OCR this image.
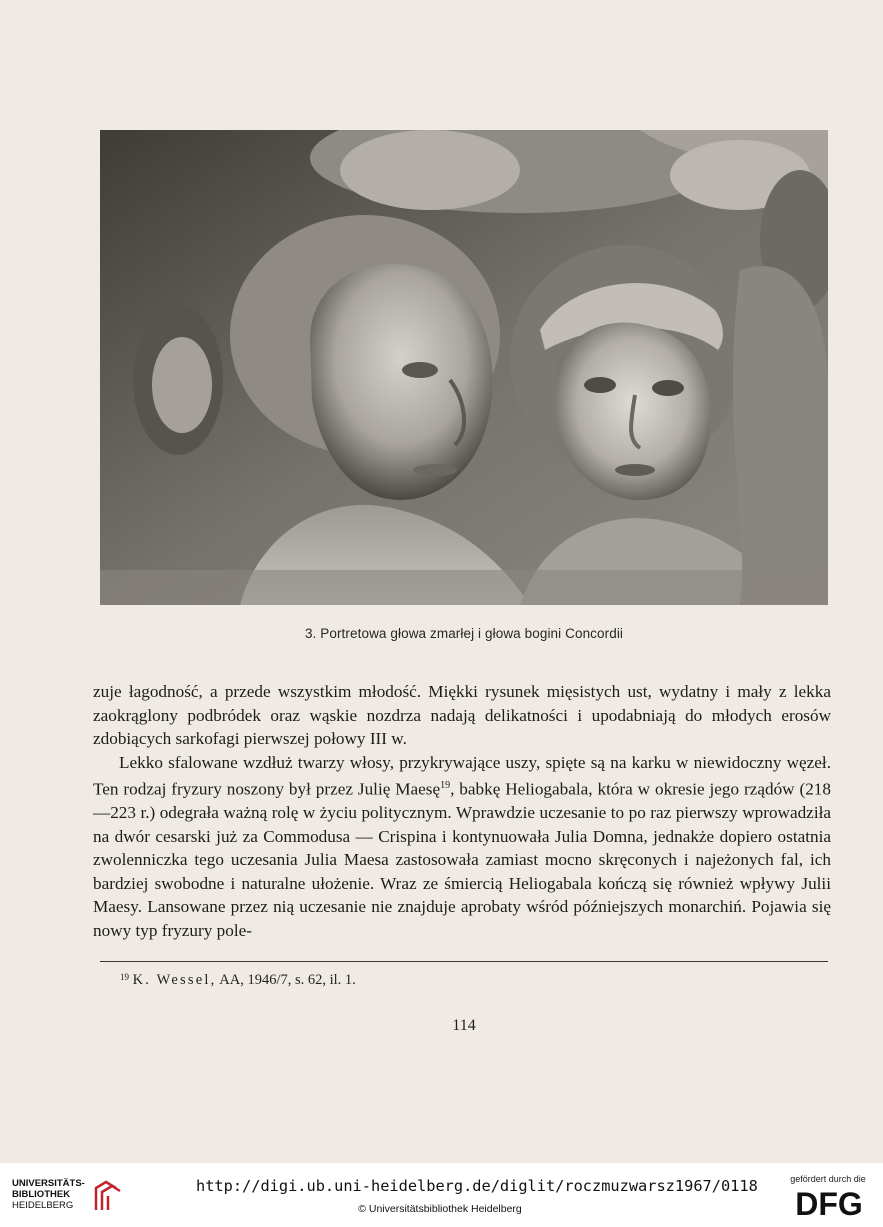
3. Portretowa głowa zmarłej i głowa bogini Concordii

zuje łagodność, a przede wszystkim młodość. Miękki rysunek mięsistych ust, wydatny i mały z lekka zaokrąglony podbródek oraz wąskie nozdrza nadają delikatności i upodabniają do młodych erosów zdobiących sarkofagi pierwszej połowy III w.

Lekko sfalowane wzdłuż twarzy włosy, przykrywające uszy, spięte są na karku w niewidoczny węzeł. Ten rodzaj fryzury noszony był przez Julię Maesę$^{19}$, babkę Heliogabala, która w okresie jego rządów (218—223 r.) odegrała ważną rolę w życiu politycznym. Wprawdzie uczesanie to po raz pierwszy wprowadziła na dwór cesarski już za Commodusa — Crispina i kontynuowała Julia Domna, jednakże dopiero ostatnia zwolenniczka tego uczesania Julia Maesa zastosowała zamiast mocno skręconych i najeżonych fal, ich bardziej swobodne i naturalne ułożenie. Wraz ze śmiercią Heliogabala kończą się również wpływy Julii Maesy. Lansowane przez nią uczesanie nie znajduje aprobaty wśród późniejszych monarchiń. Pojawia się nowy typ fryzury pole-

$^{19}$ K. Wessel, AA, 1946/7, s. 62, il. 1.
114
UNIVERSITÄTS-
BIBLIOTHEK
HEIDELBERG
http://digi.ub.uni-heidelberg.de/diglit/roczmuzwarsz1967/0118
© Universitätsbibliothek Heidelberg
gefördert durch die
DFG
